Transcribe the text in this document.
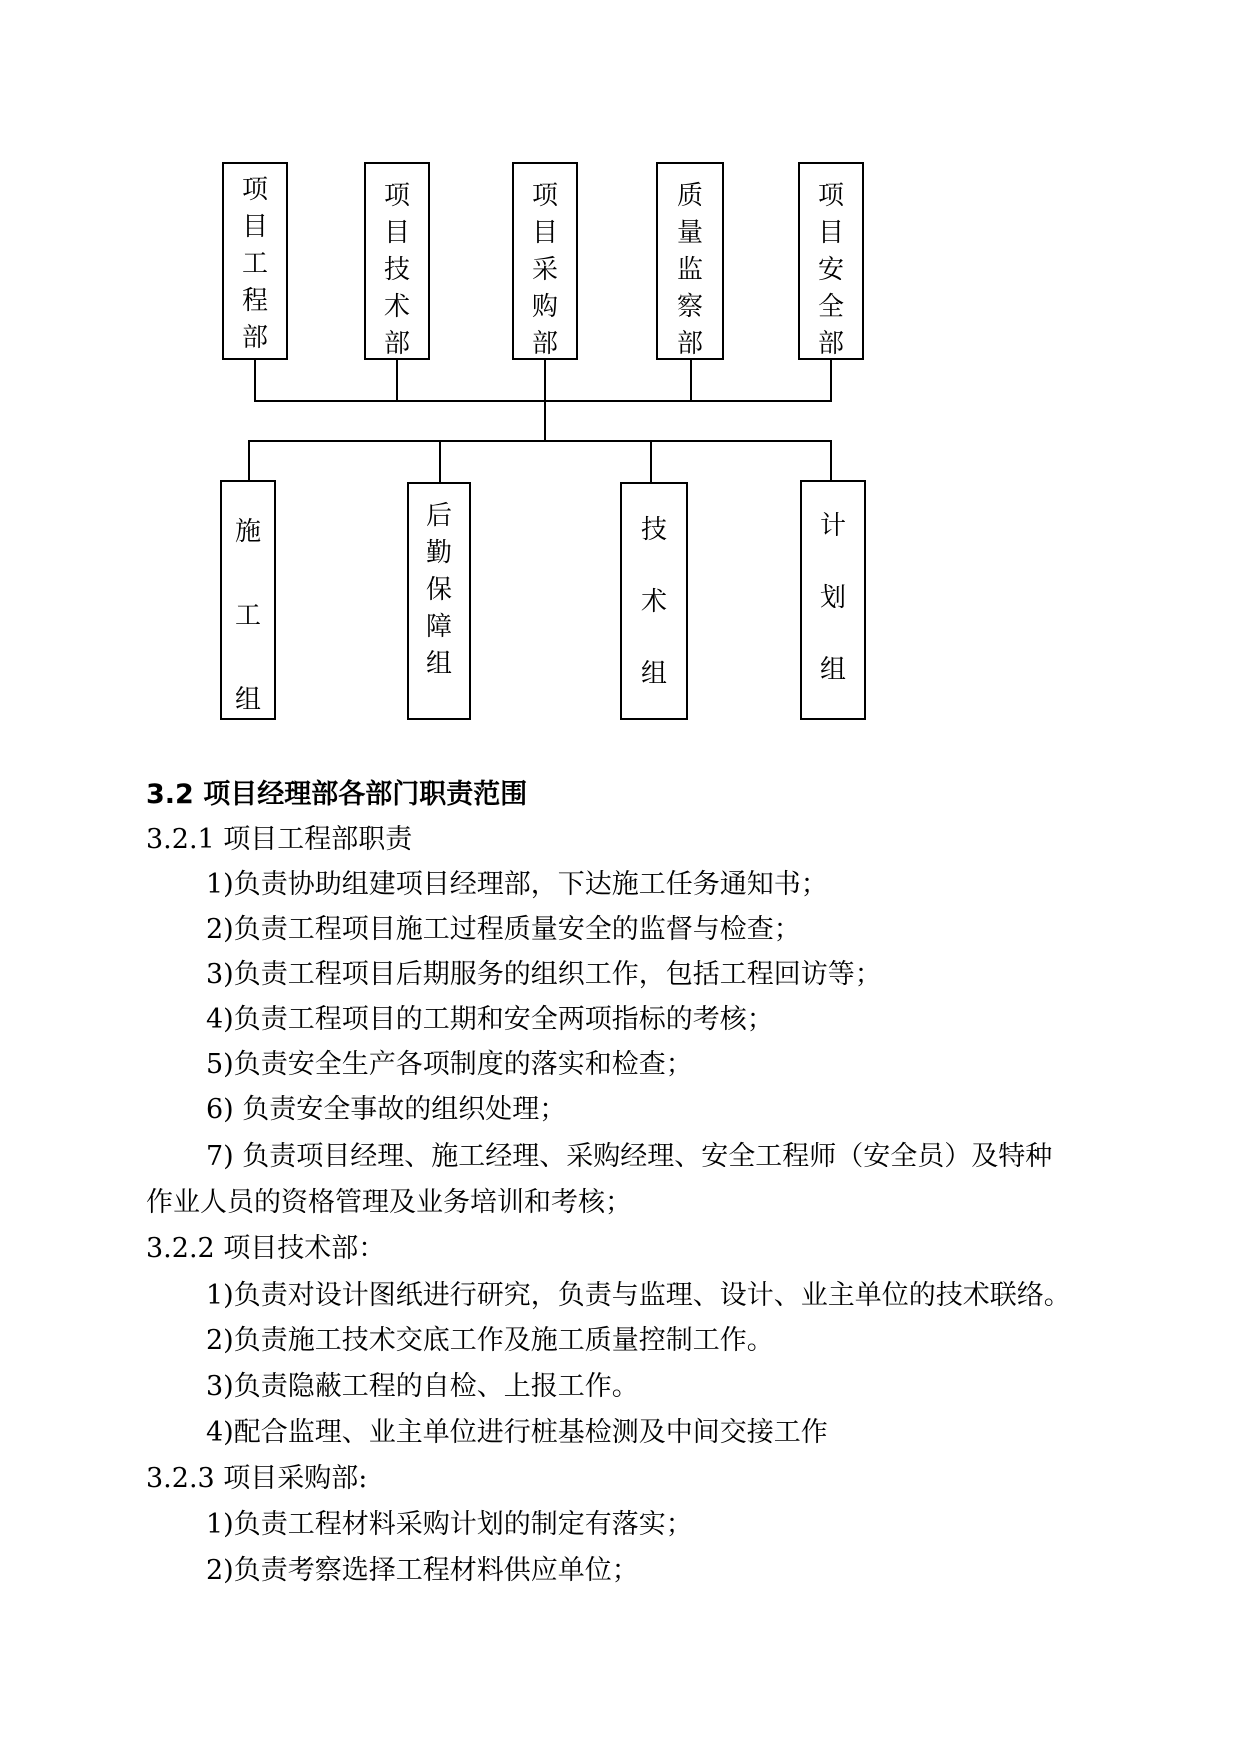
项
目
工
程
部
项
目
技
术
部
项
目
采
购
部
质
量
监
察
部
项
目
安
全
部
施
工
组
后
勤
保
障
组
技
术
组
计
划
组
3.2 项目经理部各部门职责范围
3.2.1 项目工程部职责
1)负责协助组建项目经理部，下达施工任务通知书；
2)负责工程项目施工过程质量安全的监督与检查；
3)负责工程项目后期服务的组织工作，包括工程回访等；
4)负责工程项目的工期和安全两项指标的考核；
5)负责安全生产各项制度的落实和检查；
6) 负责安全事故的组织处理；
7) 负责项目经理、施工经理、采购经理、安全工程师（安全员）及特种
作业人员的资格管理及业务培训和考核；
3.2.2 项目技术部：
1)负责对设计图纸进行研究，负责与监理、设计、业主单位的技术联络。
2)负责施工技术交底工作及施工质量控制工作。
3)负责隐蔽工程的自检、上报工作。
4)配合监理、业主单位进行桩基检测及中间交接工作
3.2.3 项目采购部:
1)负责工程材料采购计划的制定有落实；
2)负责考察选择工程材料供应单位；
